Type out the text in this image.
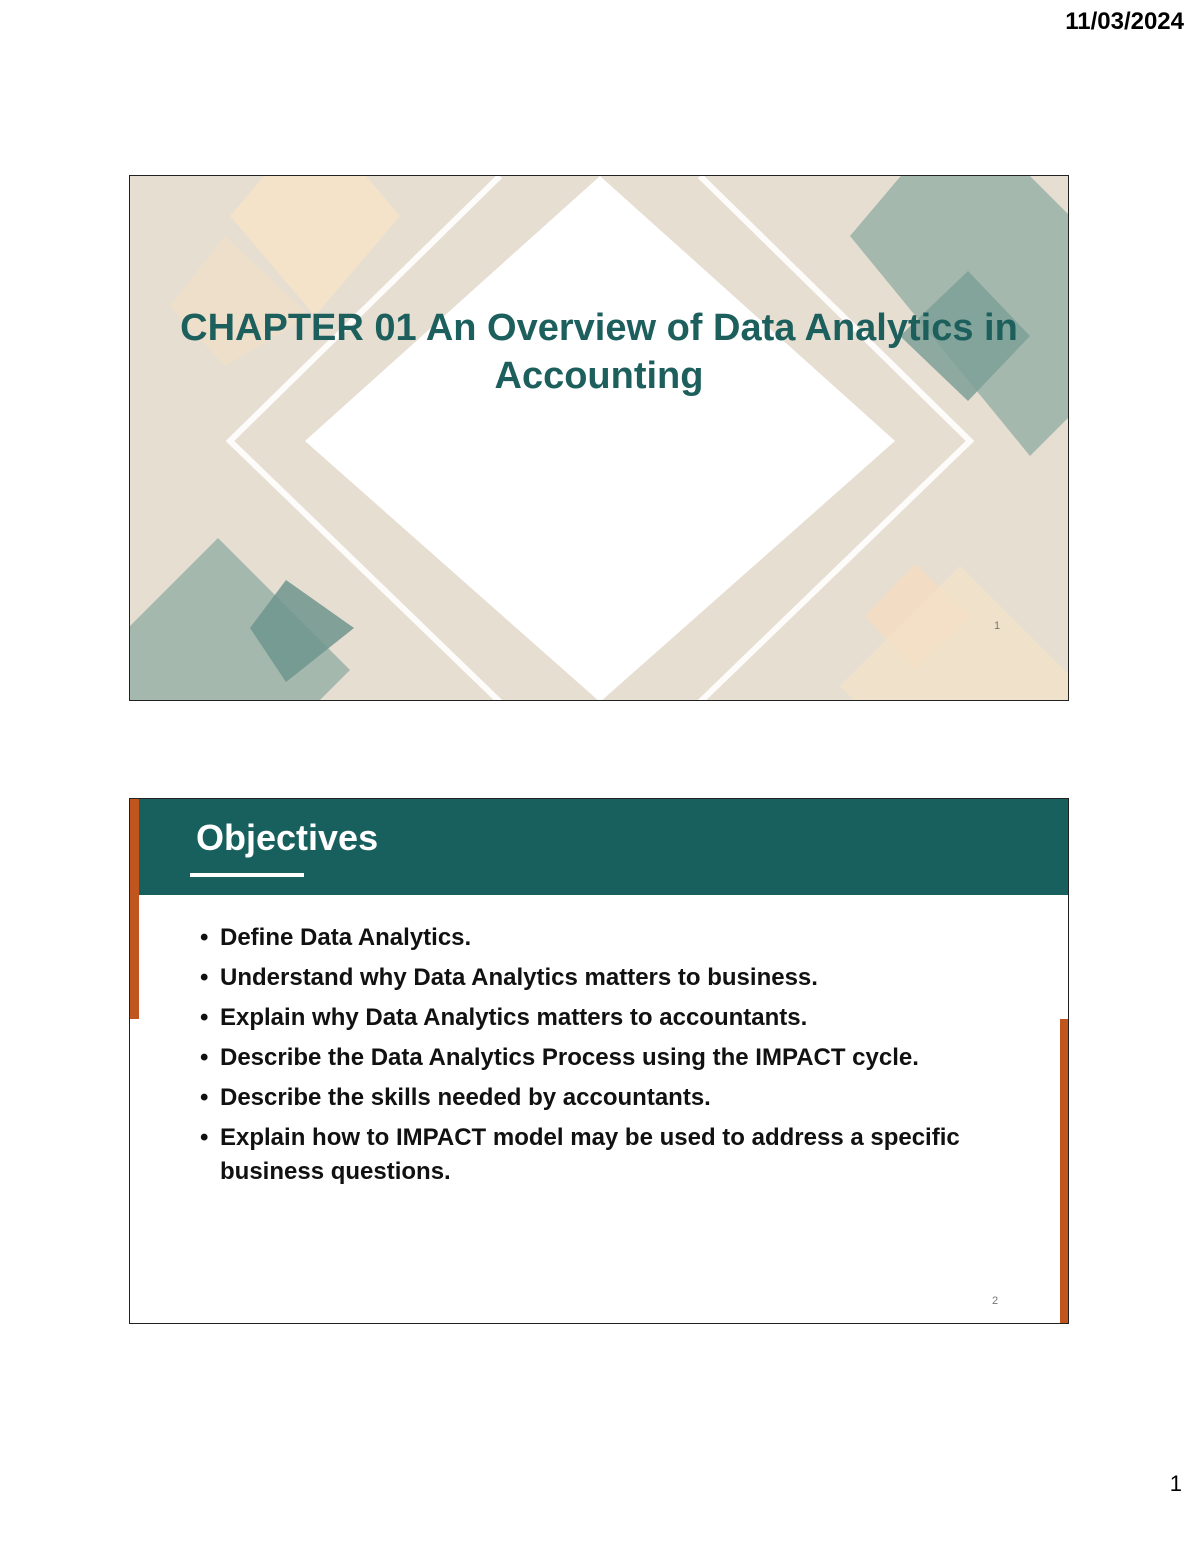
11/03/2024
CHAPTER 01 An Overview of Data Analytics in Accounting
1
Objectives
• Define Data Analytics.
• Understand why Data Analytics matters to business.
• Explain why Data Analytics matters to accountants.
• Describe the Data Analytics Process using the IMPACT cycle.
• Describe the skills needed by accountants.
• Explain how to IMPACT model may be used to address a specific business questions.
2
1
